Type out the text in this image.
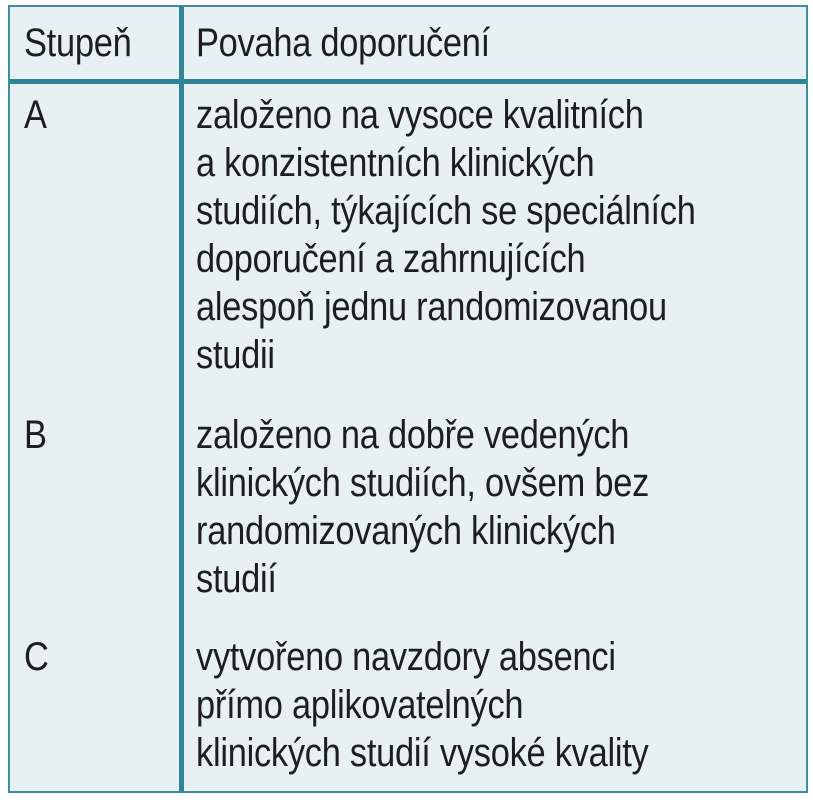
Stupeň Povaha doporučení
A	založeno na vysoce kvalitních
a konzistentních klinických
studiích, týkajících se speciálních
doporučení a zahrnujících
alespoň jednu randomizovanou
studii
B	založeno na dobře vedených
klinických studiích, ovšem bez
randomizovaných klinických
studií
C	vytvořeno navzdory absenci
přímo aplikovatelných
klinických studií vysoké kvality
